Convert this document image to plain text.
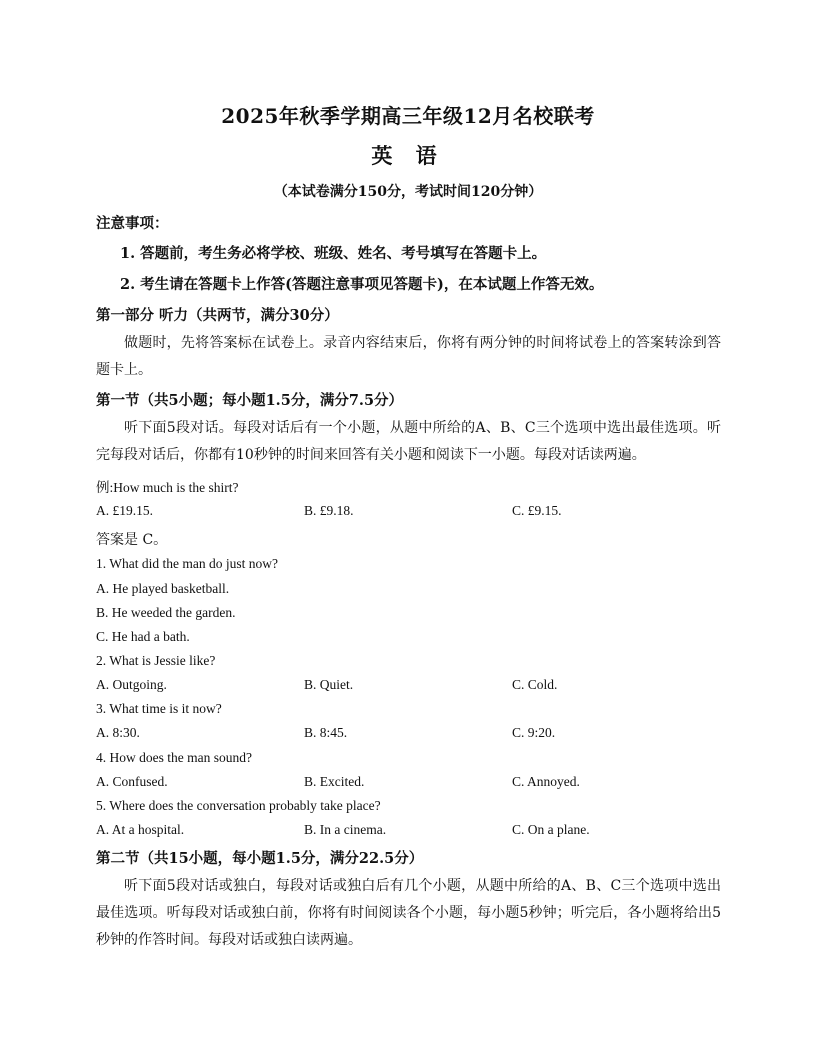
2025年秋季学期高三年级12月名校联考
英 语
（本试卷满分150分，考试时间120分钟）
注意事项：
1. 答题前，考生务必将学校、班级、姓名、考号填写在答题卡上。
2. 考生请在答题卡上作答(答题注意事项见答题卡)，在本试题上作答无效。
第一部分 听力（共两节，满分30分）
做题时，先将答案标在试卷上。录音内容结束后，你将有两分钟的时间将试卷上的答案转涂到答题卡上。
第一节（共5小题；每小题1.5分，满分7.5分）
听下面5段对话。每段对话后有一个小题，从题中所给的A、B、C三个选项中选出最佳选项。听完每段对话后，你都有10秒钟的时间来回答有关小题和阅读下一小题。每段对话读两遍。
例:How much is the shirt?
A. £19.15.	B. £9.18.	C. £9.15.
答案是 C。
1. What did the man do just now?
A. He played basketball.
B. He weeded the garden.
C. He had a bath.
2. What is Jessie like?
A. Outgoing.	B. Quiet.	C. Cold.
3. What time is it now?
A. 8:30.	B. 8:45.	C. 9:20.
4. How does the man sound?
A. Confused.	B. Excited.	C. Annoyed.
5. Where does the conversation probably take place?
A. At a hospital.	B. In a cinema.	C. On a plane.
第二节（共15小题，每小题1.5分，满分22.5分）
听下面5段对话或独白，每段对话或独白后有几个小题，从题中所给的A、B、C三个选项中选出最佳选项。听每段对话或独白前，你将有时间阅读各个小题，每小题5秒钟；听完后，各小题将给出5秒钟的作答时间。每段对话或独白读两遍。
